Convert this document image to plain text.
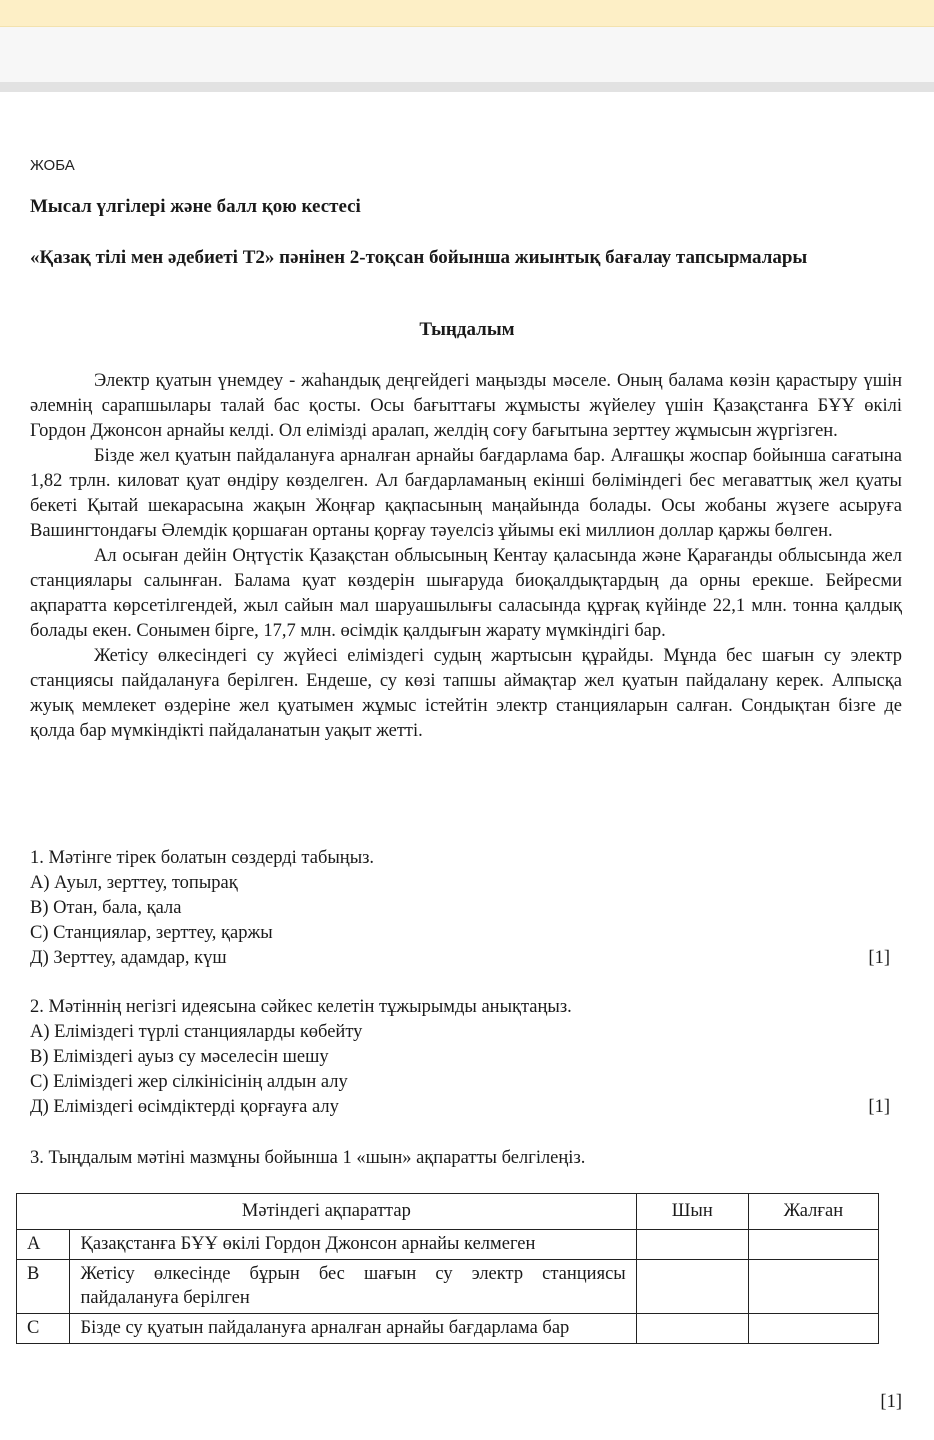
ЖОБА
Мысал үлгілері және балл қою кестесі
«Қазақ тілі мен әдебиеті Т2» пәнінен 2-тоқсан бойынша жиынтық бағалау тапсырмалары
Тыңдалым

Электр қуатын үнемдеу - жаһандық деңгейдегі маңызды мәселе. Оның балама көзін қарастыру үшін әлемнің сарапшылары талай бас қосты. Осы бағыттағы жұмысты жүйелеу үшін Қазақстанға БҰҰ өкілі Гордон Джонсон арнайы келді. Ол елімізді аралап, желдің соғу бағытына зерттеу жұмысын жүргізген.

Бізде жел қуатын пайдалануға арналған арнайы бағдарлама бар. Алғашқы жоспар бойынша сағатына 1,82 трлн. киловат қуат өндіру көзделген. Ал бағдарламаның екінші бөліміндегі бес мегаваттық жел қуаты бекеті Қытай шекарасына жақын Жоңғар қақпасының маңайында болады. Осы жобаны жүзеге асыруға Вашингтондағы Әлемдік қоршаған ортаны қорғау тәуелсіз ұйымы екі миллион доллар қаржы бөлген.

Ал осыған дейін Оңтүстік Қазақстан облысының Кентау қаласында және Қарағанды облысында жел станциялары салынған. Балама қуат көздерін шығаруда биоқалдықтардың да орны ерекше. Бейресми ақпаратта көрсетілгендей, жыл сайын мал шаруашылығы саласында құрғақ күйінде 22,1 млн. тонна қалдық болады екен. Сонымен бірге, 17,7 млн. өсімдік қалдығын жарату мүмкіндігі бар.

Жетісу өлкесіндегі су жүйесі еліміздегі судың жартысын құрайды. Мұнда бес шағын су электр станциясы пайдалануға берілген. Ендеше, су көзі тапшы аймақтар жел қуатын пайдалану керек. Алпысқа жуық мемлекет өздеріне жел қуатымен жұмыс істейтін электр станцияларын салған. Сондықтан бізге де қолда бар мүмкіндікті пайдаланатын уақыт жетті.

1. Мәтінге тірек болатын сөздерді табыңыз.
А) Ауыл, зерттеу, топырақ
В) Отан, бала, қала
С) Станциялар, зерттеу, қаржы
Д) Зерттеу, адамдар, күш	[1]
2. Мәтіннің негізгі идеясына сәйкес келетін тұжырымды анықтаңыз.
А) Еліміздегі түрлі станцияларды көбейту
В) Еліміздегі ауыз су мәселесін шешу
С) Еліміздегі жер сілкінісінің алдын алу
Д) Еліміздегі өсімдіктерді қорғауға алу	[1]
3. Тыңдалым мәтіні мазмұны бойынша 1 «шын» ақпаратты белгілеңіз.
Мәтіндегі ақпараттар		Шын	Жалған
А	Қазақстанға БҰҰ өкілі Гордон Джонсон арнайы келмеген		
В	Жетісу өлкесінде бұрын бес шағын су электр станциясы пайдалануға берілген		
С	Бізде су қуатын пайдалануға арналған арнайы бағдарлама бар		
[1]
